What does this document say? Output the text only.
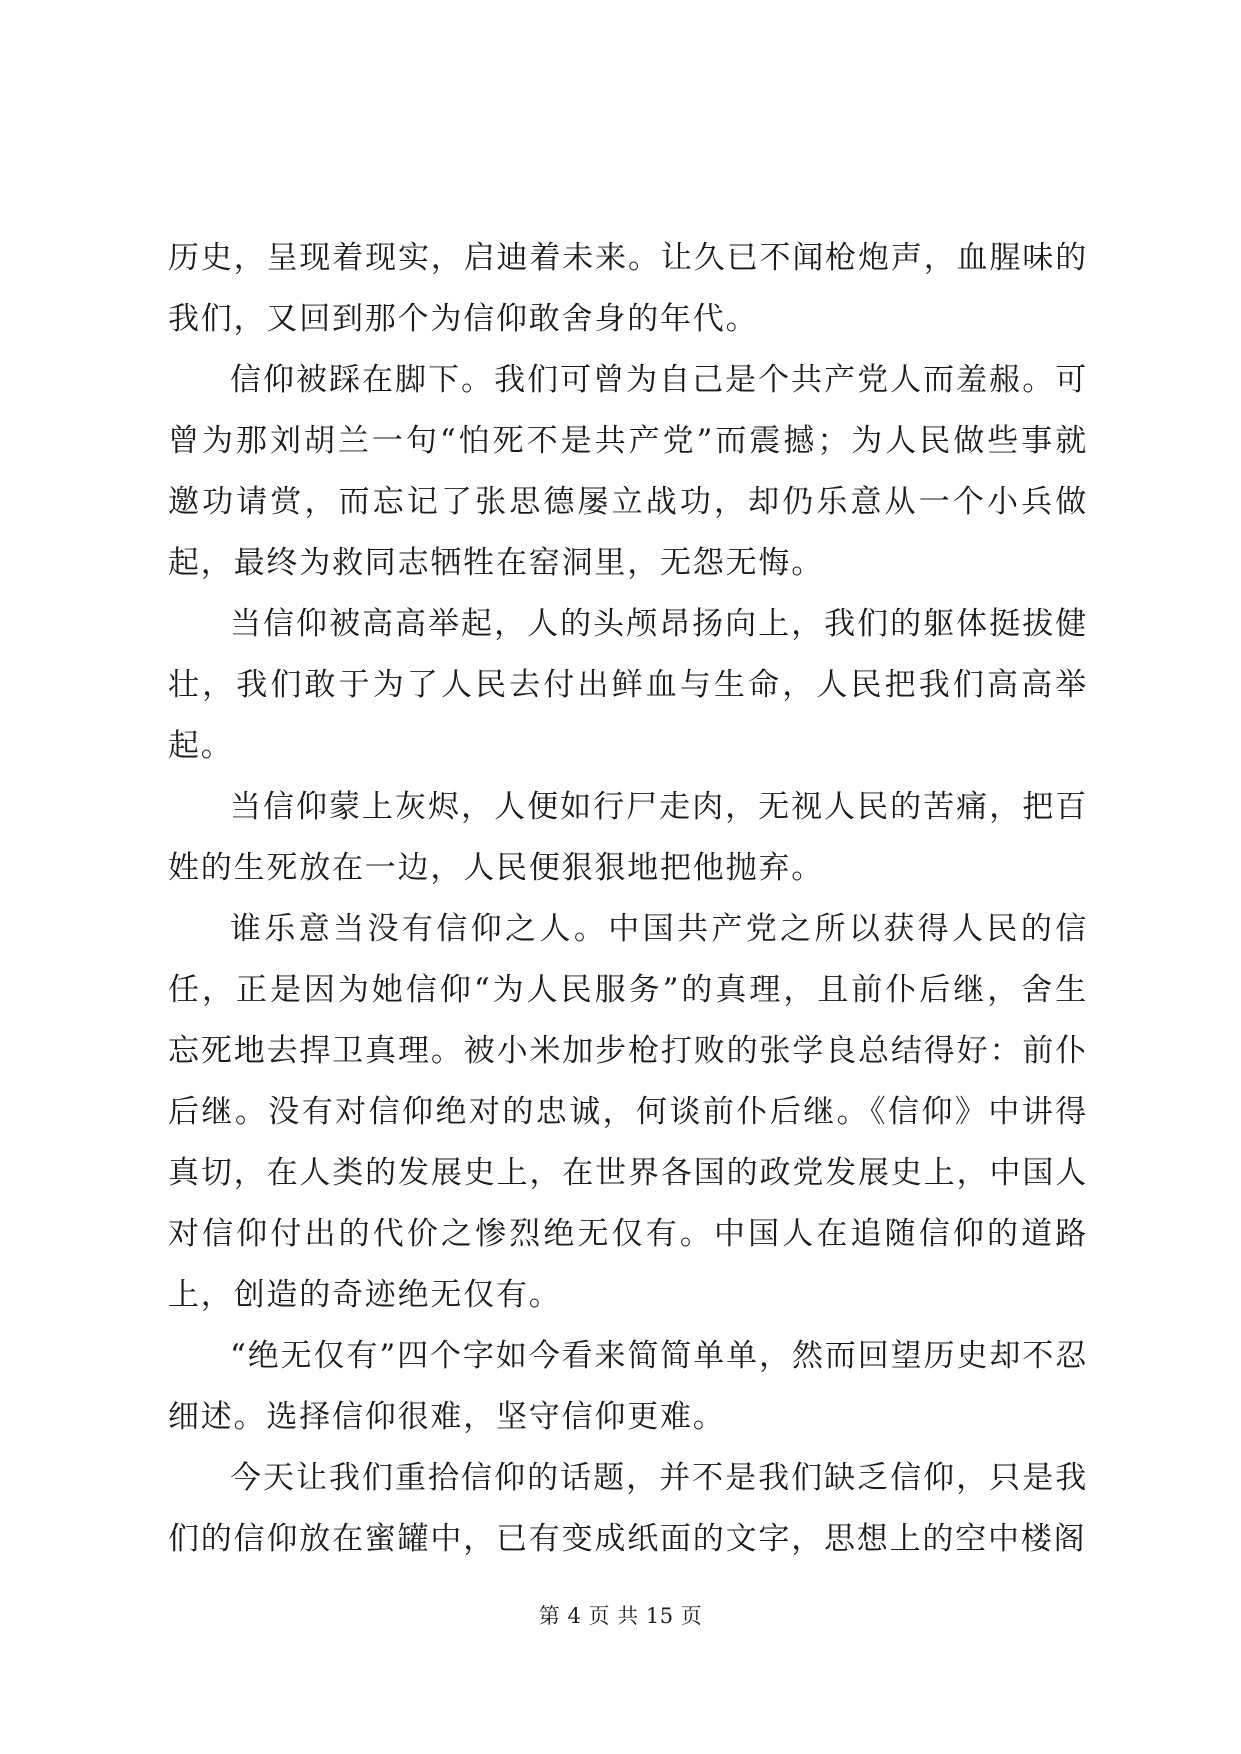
历史，呈现着现实，启迪着未来。让久已不闻枪炮声，血腥味的我们，又回到那个为信仰敢舍身的年代。

信仰被踩在脚下。我们可曾为自己是个共产党人而羞赧。可曾为那刘胡兰一句“怕死不是共产党”而震撼；为人民做些事就邀功请赏，而忘记了张思德屡立战功，却仍乐意从一个小兵做起，最终为救同志牺牲在窑洞里，无怨无悔。

当信仰被高高举起，人的头颅昂扬向上，我们的躯体挺拔健壮，我们敢于为了人民去付出鲜血与生命，人民把我们高高举起。

当信仰蒙上灰烬，人便如行尸走肉，无视人民的苦痛，把百姓的生死放在一边，人民便狠狠地把他抛弃。

谁乐意当没有信仰之人。中国共产党之所以获得人民的信任，正是因为她信仰“为人民服务”的真理，且前仆后继，舍生忘死地去捍卫真理。被小米加步枪打败的张学良总结得好：前仆后继。没有对信仰绝对的忠诚，何谈前仆后继。《信仰》中讲得真切，在人类的发展史上，在世界各国的政党发展史上，中国人对信仰付出的代价之惨烈绝无仅有。中国人在追随信仰的道路上，创造的奇迹绝无仅有。

“绝无仅有”四个字如今看来简简单单，然而回望历史却不忍细述。选择信仰很难，坚守信仰更难。

今天让我们重拾信仰的话题，并不是我们缺乏信仰，只是我们的信仰放在蜜罐中，已有变成纸面的文字，思想上的空中楼阁

第 4 页 共 15 页
